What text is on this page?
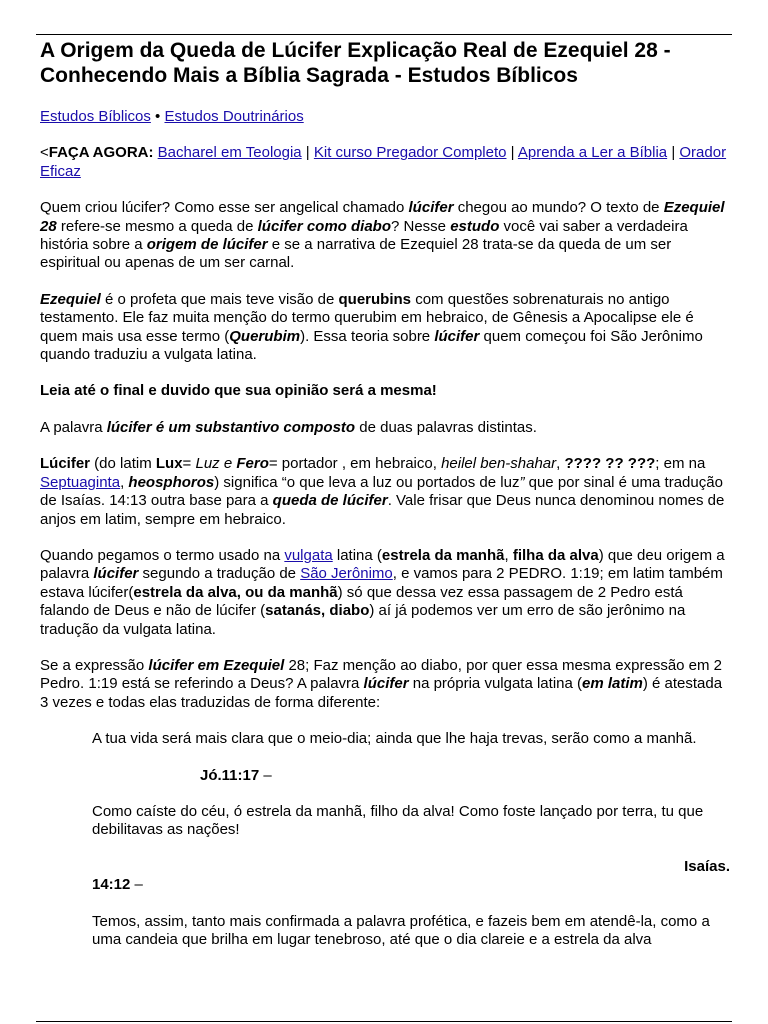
A Origem da Queda de Lúcifer Explicação Real de Ezequiel 28 - Conhecendo Mais a Bíblia Sagrada - Estudos Bíblicos

Estudos Bíblicos • Estudos Doutrinários

<FAÇA AGORA: Bacharel em Teologia | Kit curso Pregador Completo | Aprenda a Ler a Bíblia | Orador Eficaz

Quem criou lúcifer? Como esse ser angelical chamado lúcifer chegou ao mundo? O texto de Ezequiel 28 refere-se mesmo a queda de lúcifer como diabo? Nesse estudo você vai saber a verdadeira história sobre a origem de lúcifer e se a narrativa de Ezequiel 28 trata-se da queda de um ser espiritual ou apenas de um ser carnal.

Ezequiel é o profeta que mais teve visão de querubins com questões sobrenaturais no antigo testamento. Ele faz muita menção do termo querubim em hebraico, de Gênesis a Apocalipse ele é quem mais usa esse termo (Querubim). Essa teoria sobre lúcifer quem começou foi São Jerônimo quando traduziu a vulgata latina.

Leia até o final e duvido que sua opinião será a mesma!

A palavra lúcifer é um substantivo composto de duas palavras distintas.

Lúcifer (do latim Lux= Luz e Fero= portador , em hebraico, heilel ben-shahar, ???? ?? ???; em na Septuaginta, heosphoros) significa “o que leva a luz ou portados de luz” que por sinal é uma tradução de Isaías. 14:13 outra base para a queda de lúcifer. Vale frisar que Deus nunca denominou nomes de anjos em latim, sempre em hebraico.

Quando pegamos o termo usado na vulgata latina (estrela da manhã, filha da alva) que deu origem a palavra lúcifer segundo a tradução de São Jerônimo, e vamos para 2 PEDRO. 1:19; em latim também estava lúcifer(estrela da alva, ou da manhã) só que dessa vez essa passagem de 2 Pedro está falando de Deus e não de lúcifer (satanás, diabo) aí já podemos ver um erro de são jerônimo na tradução da vulgata latina.

Se a expressão lúcifer em Ezequiel 28; Faz menção ao diabo, por quer essa mesma expressão em 2 Pedro. 1:19 está se referindo a Deus? A palavra lúcifer na própria vulgata latina (em latim) é atestada 3 vezes e todas elas traduzidas de forma diferente:

A tua vida será mais clara que o meio-dia; ainda que lhe haja trevas, serão como a manhã.

Jó.11:17 –

Como caíste do céu, ó estrela da manhã, filho da alva! Como foste lançado por terra, tu que debilitavas as nações!

Isaías.

14:12 –

Temos, assim, tanto mais confirmada a palavra profética, e fazeis bem em atendê-la, como a uma candeia que brilha em lugar tenebroso, até que o dia clareie e a estrela da alva
